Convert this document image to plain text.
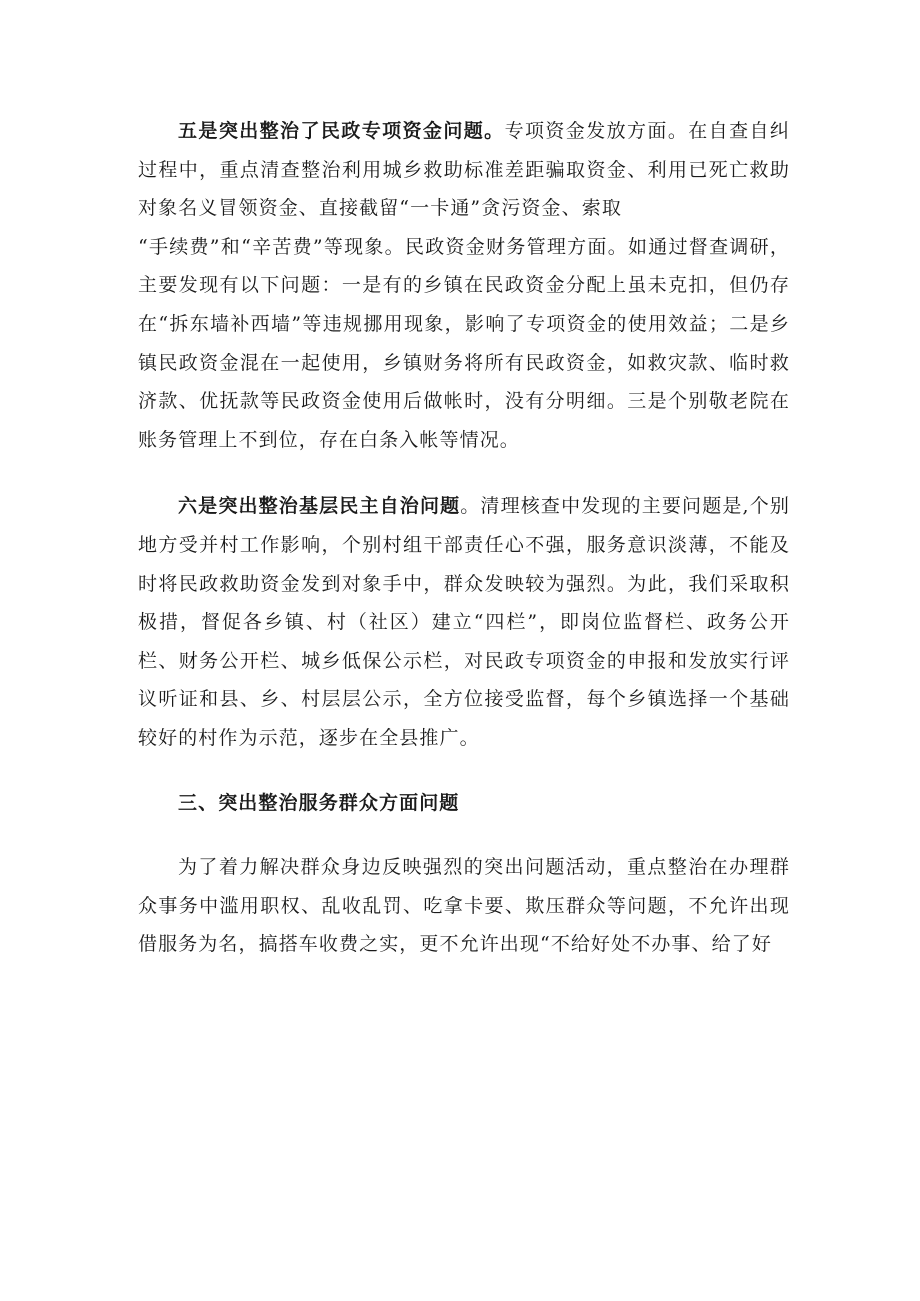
五是突出整治了民政专项资金问题。专项资金发放方面。在自查自纠过程中，重点清查整治利用城乡救助标准差距骗取资金、利用已死亡救助对象名义冒领资金、直接截留“一卡通”贪污资金、索取

“手续费”和“辛苦费”等现象。民政资金财务管理方面。如通过督查调研，主要发现有以下问题：一是有的乡镇在民政资金分配上虽未克扣，但仍存在“拆东墙补西墙”等违规挪用现象，影响了专项资金的使用效益；二是乡镇民政资金混在一起使用，乡镇财务将所有民政资金，如救灾款、临时救济款、优抚款等民政资金使用后做帐时，没有分明细。三是个别敬老院在账务管理上不到位，存在白条入帐等情况。

六是突出整治基层民主自治问题。清理核查中发现的主要问题是,个别地方受并村工作影响，个别村组干部责任心不强，服务意识淡薄，不能及时将民政救助资金发到对象手中，群众发映较为强烈。为此，我们采取积极措，督促各乡镇、村（社区）建立“四栏”，即岗位监督栏、政务公开栏、财务公开栏、城乡低保公示栏，对民政专项资金的申报和发放实行评议听证和县、乡、村层层公示，全方位接受监督，每个乡镇选择一个基础较好的村作为示范，逐步在全县推广。

三、突出整治服务群众方面问题

为了着力解决群众身边反映强烈的突出问题活动，重点整治在办理群众事务中滥用职权、乱收乱罚、吃拿卡要、欺压群众等问题，不允许出现借服务为名，搞搭车收费之实，更不允许出现“不给好处不办事、给了好
